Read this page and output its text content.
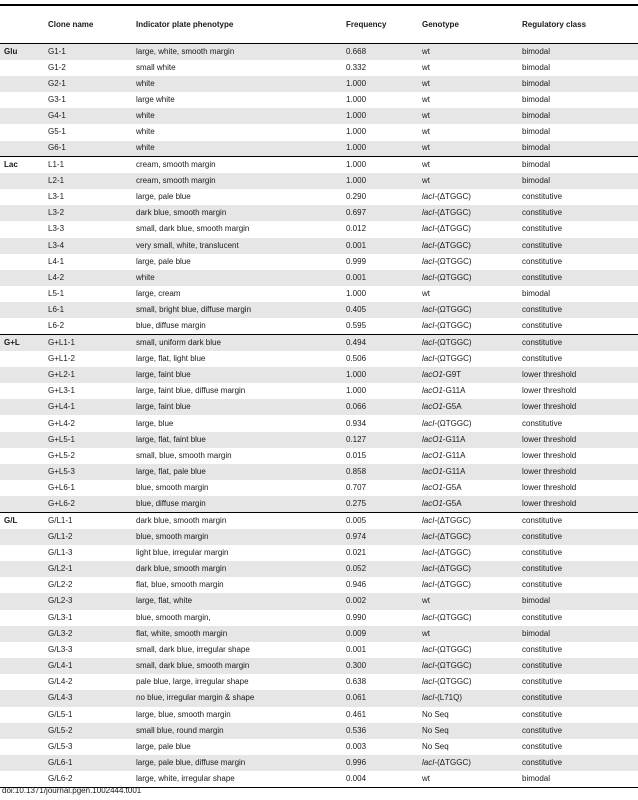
	Clone name	Indicator plate phenotype	Frequency	Genotype	Regulatory class
Glu	G1-1	large, white, smooth margin	0.668	wt	bimodal
	G1-2	small white	0.332	wt	bimodal
	G2-1	white	1.000	wt	bimodal
	G3-1	large white	1.000	wt	bimodal
	G4-1	white	1.000	wt	bimodal
	G5-1	white	1.000	wt	bimodal
	G6-1	white	1.000	wt	bimodal
Lac	L1-1	cream, smooth margin	1.000	wt	bimodal
	L2-1	cream, smooth margin	1.000	wt	bimodal
	L3-1	large, pale blue	0.290	lacI-(ΔTGGC)	constitutive
	L3-2	dark blue, smooth margin	0.697	lacI-(ΔTGGC)	constitutive
	L3-3	small, dark blue, smooth margin	0.012	lacI-(ΔTGGC)	constitutive
	L3-4	very small, white, translucent	0.001	lacI-(ΔTGGC)	constitutive
	L4-1	large, pale blue	0.999	lacI-(ΩTGGC)	constitutive
	L4-2	white	0.001	lacI-(ΩTGGC)	constitutive
	L5-1	large, cream	1.000	wt	bimodal
	L6-1	small, bright blue, diffuse margin	0.405	lacI-(ΩTGGC)	constitutive
	L6-2	blue, diffuse margin	0.595	lacI-(ΩTGGC)	constitutive
G+L	G+L1-1	small, uniform dark blue	0.494	lacI-(ΩTGGC)	constitutive
	G+L1-2	large, flat, light blue	0.506	lacI-(ΩTGGC)	constitutive
	G+L2-1	large, faint blue	1.000	lacO1-G9T	lower threshold
	G+L3-1	large, faint blue, diffuse margin	1.000	lacO1-G11A	lower threshold
	G+L4-1	large, faint blue	0.066	lacO1-G5A	lower threshold
	G+L4-2	large, blue	0.934	lacI-(ΩTGGC)	constitutive
	G+L5-1	large, flat, faint blue	0.127	lacO1-G11A	lower threshold
	G+L5-2	small, blue, smooth margin	0.015	lacO1-G11A	lower threshold
	G+L5-3	large, flat, pale blue	0.858	lacO1-G11A	lower threshold
	G+L6-1	blue, smooth margin	0.707	lacO1-G5A	lower threshold
	G+L6-2	blue, diffuse margin	0.275	lacO1-G5A	lower threshold
G/L	G/L1-1	dark blue, smooth margin	0.005	lacI-(ΔTGGC)	constitutive
	G/L1-2	blue, smooth margin	0.974	lacI-(ΔTGGC)	constitutive
	G/L1-3	light blue, irregular margin	0.021	lacI-(ΔTGGC)	constitutive
	G/L2-1	dark blue, smooth margin	0.052	lacI-(ΔTGGC)	constitutive
	G/L2-2	flat, blue, smooth margin	0.946	lacI-(ΔTGGC)	constitutive
	G/L2-3	large, flat, white	0.002	wt	bimodal
	G/L3-1	blue, smooth margin,	0.990	lacI-(ΩTGGC)	constitutive
	G/L3-2	flat, white, smooth margin	0.009	wt	bimodal
	G/L3-3	small, dark blue, irregular shape	0.001	lacI-(ΩTGGC)	constitutive
	G/L4-1	small, dark blue, smooth margin	0.300	lacI-(ΩTGGC)	constitutive
	G/L4-2	pale blue, large, irregular shape	0.638	lacI-(ΩTGGC)	constitutive
	G/L4-3	no blue, irregular margin & shape	0.061	lacI-(L71Q)	constitutive
	G/L5-1	large, blue, smooth margin	0.461	No Seq	constitutive
	G/L5-2	small blue, round margin	0.536	No Seq	constitutive
	G/L5-3	large, pale blue	0.003	No Seq	constitutive
	G/L6-1	large, pale blue, diffuse margin	0.996	lacI-(ΔTGGC)	constitutive
	G/L6-2	large, white, irregular shape	0.004	wt	bimodal
doi:10.1371/journal.pgen.1002444.t001
